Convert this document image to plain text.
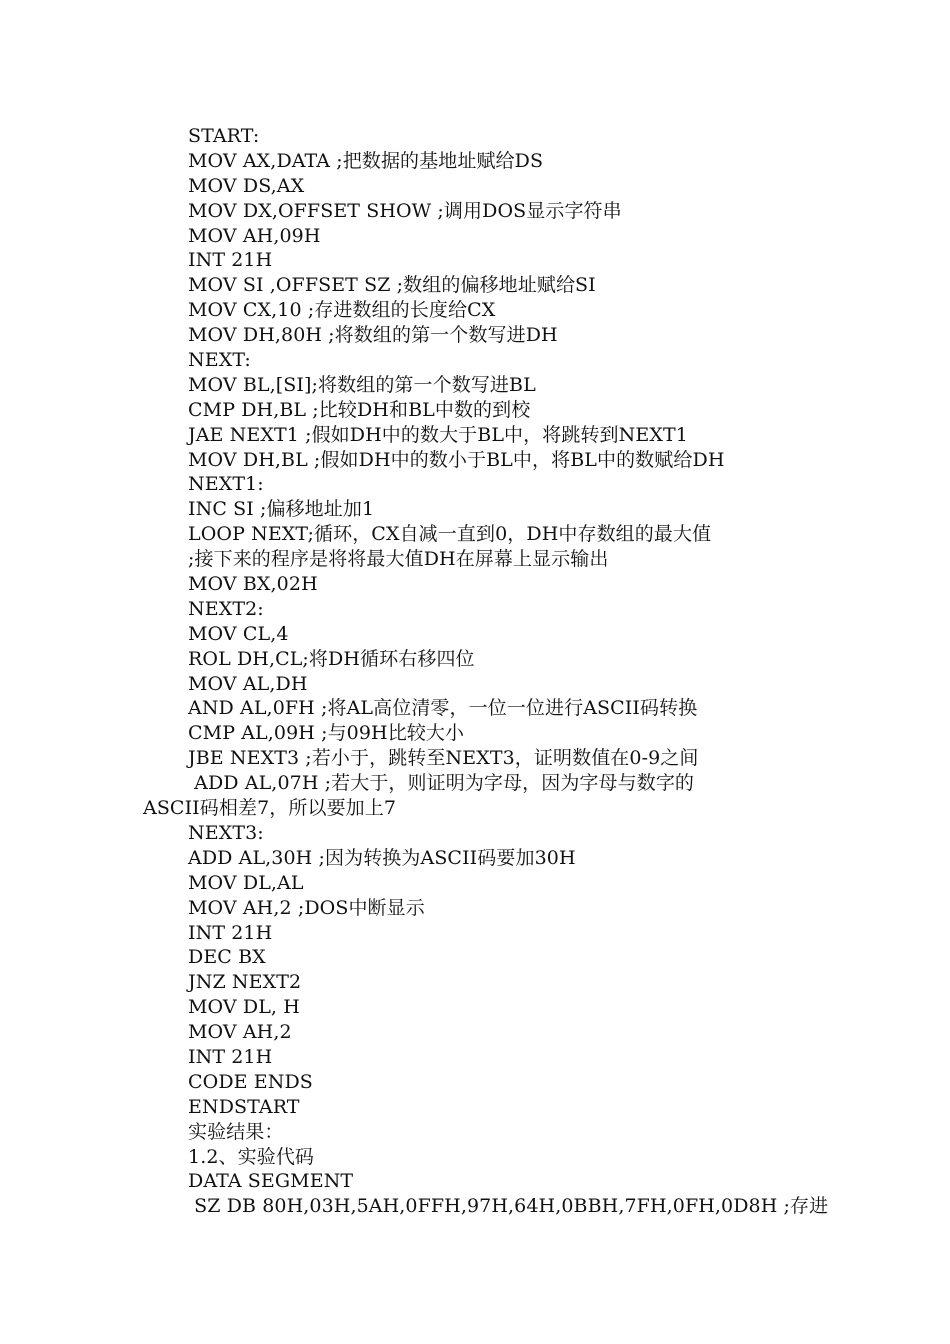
START:
MOV AX,DATA ;把数据的基地址赋给DS
MOV DS,AX
MOV DX,OFFSET SHOW ;调用DOS显示字符串
MOV AH,09H
INT 21H
MOV SI ,OFFSET SZ ;数组的偏移地址赋给SI
MOV CX,10 ;存进数组的长度给CX
MOV DH,80H ;将数组的第一个数写进DH
NEXT:
MOV BL,[SI];将数组的第一个数写进BL
CMP DH,BL ;比较DH和BL中数的到校
JAE NEXT1 ;假如DH中的数大于BL中，将跳转到NEXT1
MOV DH,BL ;假如DH中的数小于BL中，将BL中的数赋给DH
NEXT1:
INC SI ;偏移地址加1
LOOP NEXT;循环，CX自减一直到0，DH中存数组的最大值
;接下来的程序是将将最大值DH在屏幕上显示输出
MOV BX,02H
NEXT2:
MOV CL,4
ROL DH,CL;将DH循环右移四位
MOV AL,DH
AND AL,0FH ;将AL高位清零，一位一位进行ASCII码转换
CMP AL,09H ;与09H比较大小
JBE NEXT3 ;若小于，跳转至NEXT3，证明数值在0-9之间
ADD AL,07H ;若大于，则证明为字母，因为字母与数字的
ASCII码相差7，所以要加上7
NEXT3:
ADD AL,30H ;因为转换为ASCII码要加30H
MOV DL,AL
MOV AH,2 ;DOS中断显示
INT 21H
DEC BX
JNZ NEXT2
MOV DL, H
MOV AH,2
INT 21H
CODE ENDS
ENDSTART
实验结果：
1.2、实验代码
DATA SEGMENT
SZ DB 80H,03H,5AH,0FFH,97H,64H,0BBH,7FH,0FH,0D8H ;存进
